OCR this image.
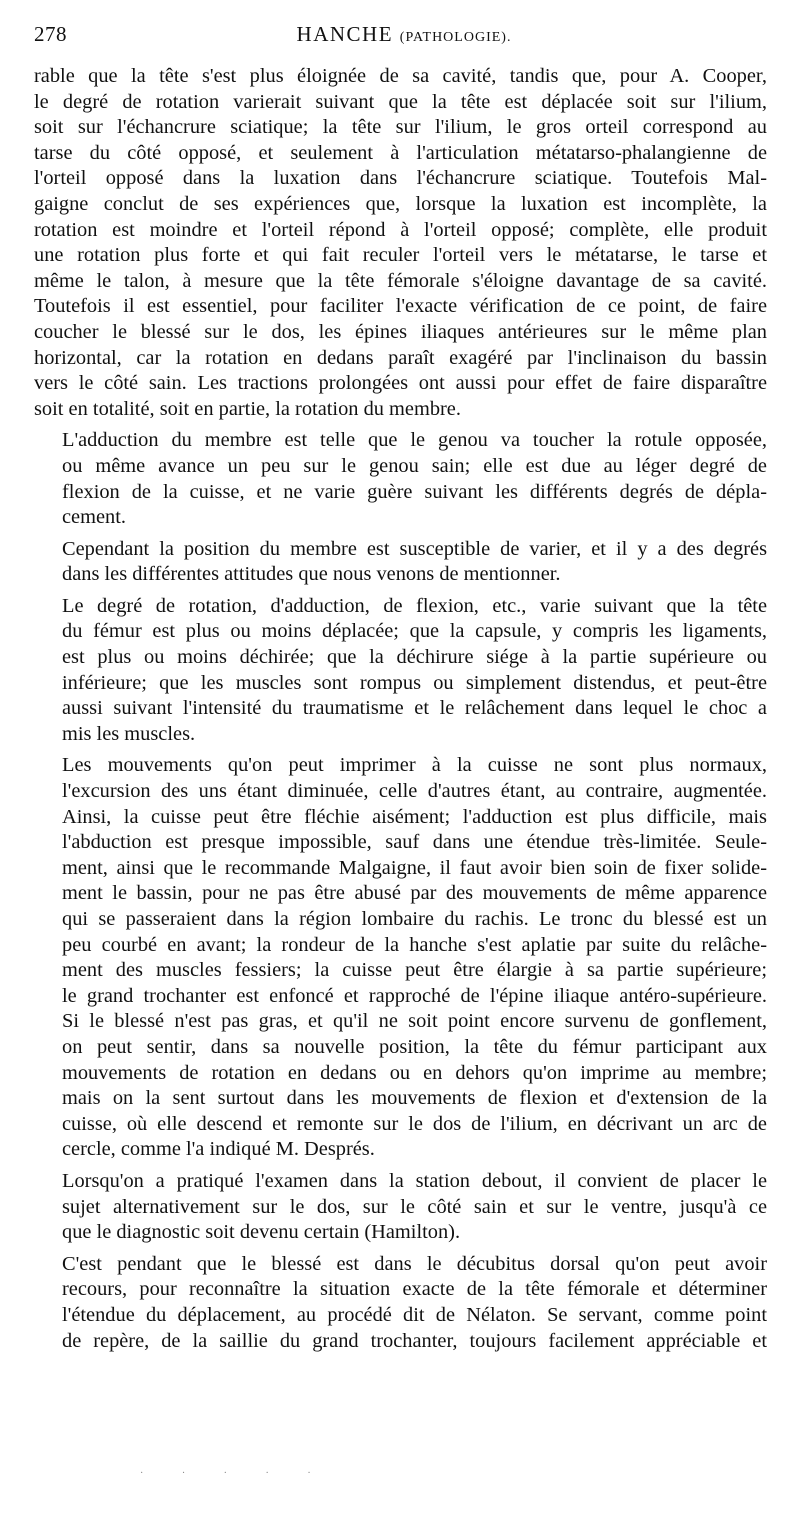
278	HANCHE (PATHOLOGIE).
rable que la tête s'est plus éloignée de sa cavité, tandis que, pour A. Cooper,
le degré de rotation varierait suivant que la tête est déplacée soit sur l'ilium,
soit sur l'échancrure sciatique; la tête sur l'ilium, le gros orteil correspond au
tarse du côté opposé, et seulement à l'articulation métatarso-phalangienne de
l'orteil opposé dans la luxation dans l'échancrure sciatique. Toutefois Mal-
gaigne conclut de ses expériences que, lorsque la luxation est incomplète, la
rotation est moindre et l'orteil répond à l'orteil opposé; complète, elle produit
une rotation plus forte et qui fait reculer l'orteil vers le métatarse, le tarse et
même le talon, à mesure que la tête fémorale s'éloigne davantage de sa cavité.
Toutefois il est essentiel, pour faciliter l'exacte vérification de ce point, de faire
coucher le blessé sur le dos, les épines iliaques antérieures sur le même plan
horizontal, car la rotation en dedans paraît exagéré par l'inclinaison du bassin
vers le côté sain. Les tractions prolongées ont aussi pour effet de faire disparaître
soit en totalité, soit en partie, la rotation du membre.
L'adduction du membre est telle que le genou va toucher la rotule opposée,
ou même avance un peu sur le genou sain; elle est due au léger degré de
flexion de la cuisse, et ne varie guère suivant les différents degrés de dépla-
cement.
Cependant la position du membre est susceptible de varier, et il y a des degrés
dans les différentes attitudes que nous venons de mentionner.
Le degré de rotation, d'adduction, de flexion, etc., varie suivant que la tête
du fémur est plus ou moins déplacée; que la capsule, y compris les ligaments,
est plus ou moins déchirée; que la déchirure siége à la partie supérieure ou
inférieure; que les muscles sont rompus ou simplement distendus, et peut-être
aussi suivant l'intensité du traumatisme et le relâchement dans lequel le choc a
mis les muscles.
Les mouvements qu'on peut imprimer à la cuisse ne sont plus normaux,
l'excursion des uns étant diminuée, celle d'autres étant, au contraire, augmentée.
Ainsi, la cuisse peut être fléchie aisément; l'adduction est plus difficile, mais
l'abduction est presque impossible, sauf dans une étendue très-limitée. Seule-
ment, ainsi que le recommande Malgaigne, il faut avoir bien soin de fixer solide-
ment le bassin, pour ne pas être abusé par des mouvements de même apparence
qui se passeraient dans la région lombaire du rachis. Le tronc du blessé est un
peu courbé en avant; la rondeur de la hanche s'est aplatie par suite du relâche-
ment des muscles fessiers; la cuisse peut être élargie à sa partie supérieure;
le grand trochanter est enfoncé et rapproché de l'épine iliaque antéro-supérieure.
Si le blessé n'est pas gras, et qu'il ne soit point encore survenu de gonflement,
on peut sentir, dans sa nouvelle position, la tête du fémur participant aux
mouvements de rotation en dedans ou en dehors qu'on imprime au membre;
mais on la sent surtout dans les mouvements de flexion et d'extension de la
cuisse, où elle descend et remonte sur le dos de l'ilium, en décrivant un arc de
cercle, comme l'a indiqué M. Després.
Lorsqu'on a pratiqué l'examen dans la station debout, il convient de placer le
sujet alternativement sur le dos, sur le côté sain et sur le ventre, jusqu'à ce
que le diagnostic soit devenu certain (Hamilton).
C'est pendant que le blessé est dans le décubitus dorsal qu'on peut avoir
recours, pour reconnaître la situation exacte de la tête fémorale et déterminer
l'étendue du déplacement, au procédé dit de Nélaton. Se servant, comme point
de repère, de la saillie du grand trochanter, toujours facilement appréciable et
· · · · ·
